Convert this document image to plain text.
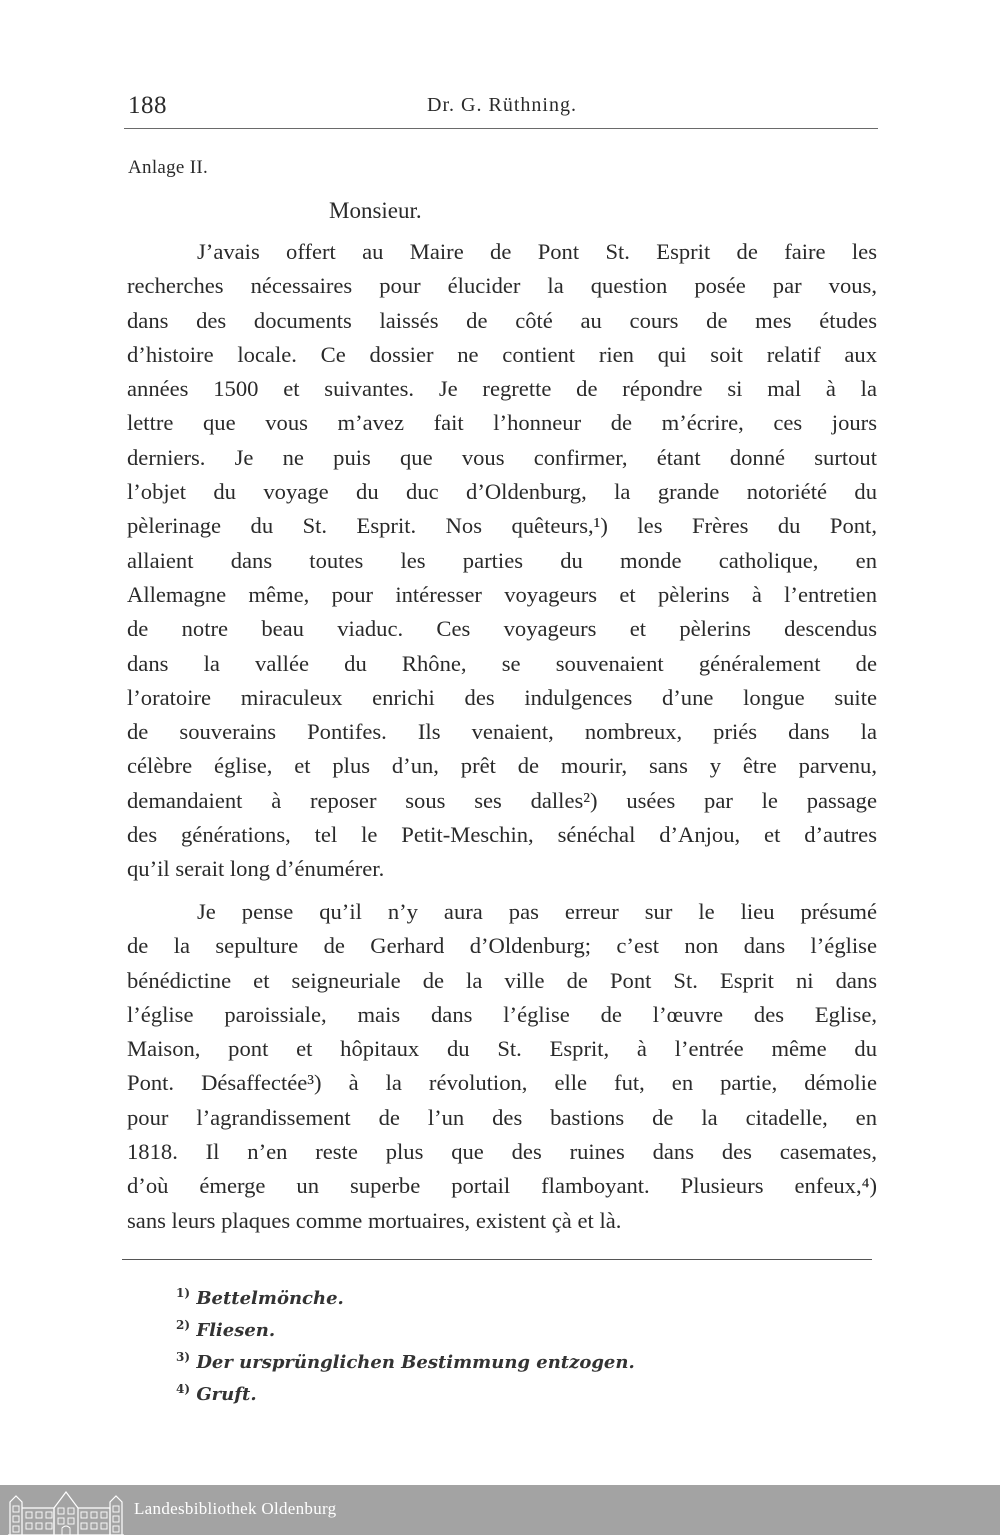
188	Dr. G. Rüthning.
Anlage II.
Monsieur.
J’avais offert au Maire de Pont St. Esprit de faire les
recherches nécessaires pour élucider la question posée par vous,
dans des documents laissés de côté au cours de mes études
d’histoire locale. Ce dossier ne contient rien qui soit relatif aux
années 1500 et suivantes. Je regrette de répondre si mal à la
lettre que vous m’avez fait l’honneur de m’écrire, ces jours
derniers. Je ne puis que vous confirmer, étant donné surtout
l’objet du voyage du duc d’Oldenburg, la grande notoriété du
pèlerinage du St. Esprit. Nos quêteurs,¹) les Frères du Pont,
allaient dans toutes les parties du monde catholique, en
Allemagne même, pour intéresser voyageurs et pèlerins à l’entretien
de notre beau viaduc. Ces voyageurs et pèlerins descendus
dans la vallée du Rhône, se souvenaient généralement de
l’oratoire miraculeux enrichi des indulgences d’une longue suite
de souverains Pontifes. Ils venaient, nombreux, priés dans la
célèbre église, et plus d’un, prêt de mourir, sans y être parvenu,
demandaient à reposer sous ses dalles²) usées par le passage
des générations, tel le Petit-Meschin, sénéchal d’Anjou, et d’autres
qu’il serait long d’énumérer.
Je pense qu’il n’y aura pas erreur sur le lieu présumé
de la sepulture de Gerhard d’Oldenburg; c’est non dans l’église
bénédictine et seigneuriale de la ville de Pont St. Esprit ni dans
l’église paroissiale, mais dans l’église de l’œuvre des Eglise,
Maison, pont et hôpitaux du St. Esprit, à l’entrée même du
Pont. Désaffectée³) à la révolution, elle fut, en partie, démolie
pour l’agrandissement de l’un des bastions de la citadelle, en
1818. Il n’en reste plus que des ruines dans des casemates,
d’où émerge un superbe portail flamboyant. Plusieurs enfeux,⁴)
sans leurs plaques comme mortuaires, existent çà et là.
$^{1)}$ Bettelmönche.
$^{2)}$ Fliesen.
$^{3)}$ Der ursprünglichen Bestimmung entzogen.
$^{4)}$ Gruft.
Landesbibliothek Oldenburg
